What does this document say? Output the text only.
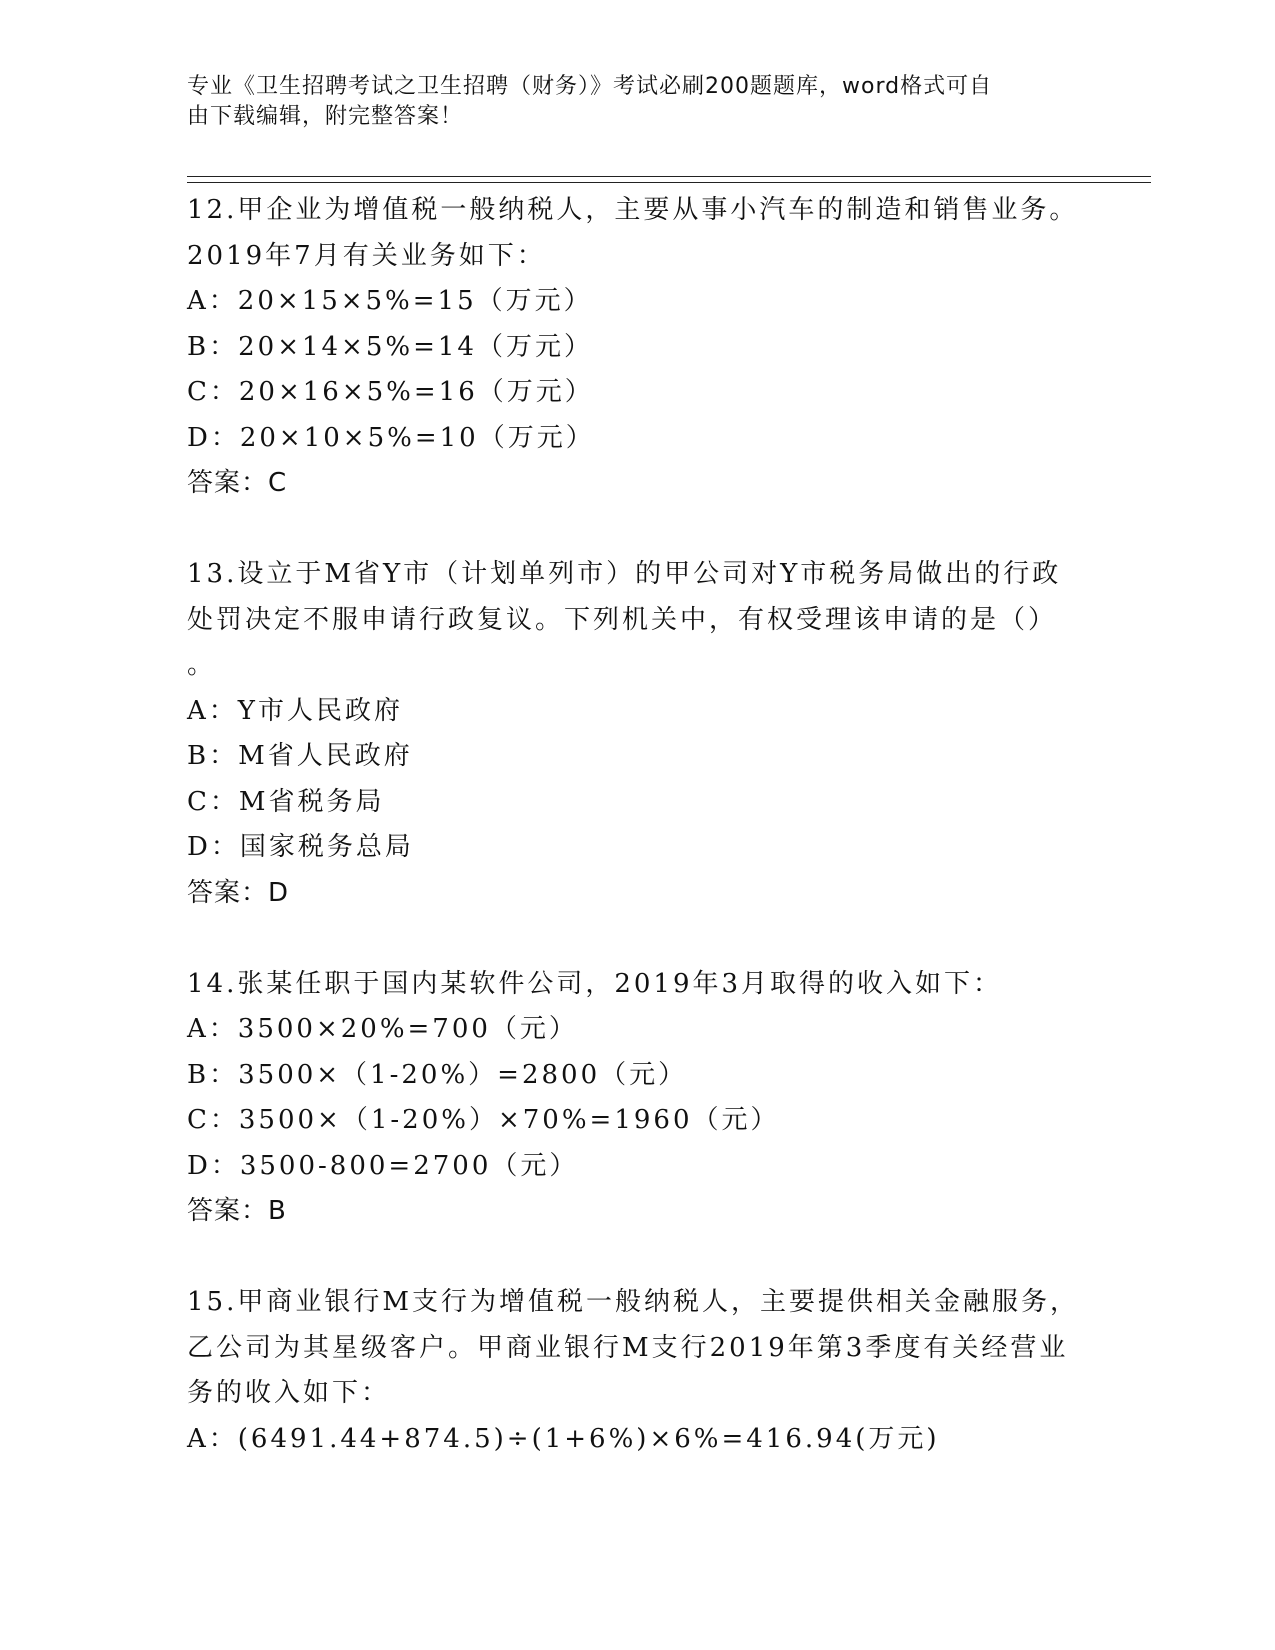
专业《卫生招聘考试之卫生招聘（财务）》考试必刷200题题库，word格式可自
由下载编辑，附完整答案！
12.甲企业为增值税一般纳税人，主要从事小汽车的制造和销售业务。
2019年7月有关业务如下：
A：20×15×5%=15（万元）
B：20×14×5%=14（万元）
C：20×16×5%=16（万元）
D：20×10×5%=10（万元）
答案：C
13.设立于M省Y市（计划单列市）的甲公司对Y市税务局做出的行政
处罚决定不服申请行政复议。下列机关中，有权受理该申请的是（）
。
A：Y市人民政府
B：M省人民政府
C：M省税务局
D：国家税务总局
答案：D
14.张某任职于国内某软件公司，2019年3月取得的收入如下：
A：3500×20%=700（元）
B：3500×（1-20%）=2800（元）
C：3500×（1-20%）×70%=1960（元）
D：3500-800=2700（元）
答案：B
15.甲商业银行M支行为增值税一般纳税人，主要提供相关金融服务，
乙公司为其星级客户。甲商业银行M支行2019年第3季度有关经营业
务的收入如下：
A：(6491.44+874.5)÷(1+6%)×6%=416.94(万元)
